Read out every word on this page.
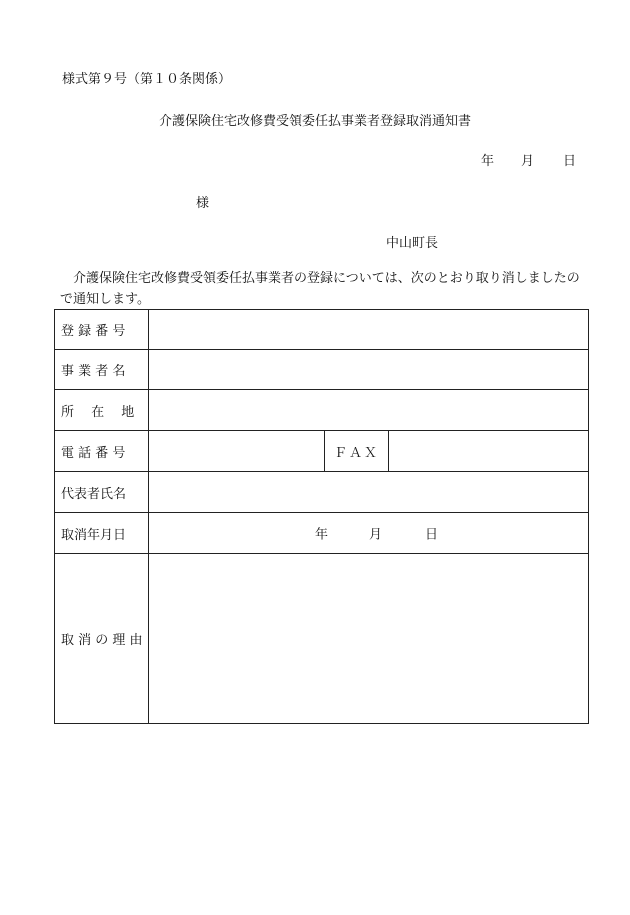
様式第９号（第１０条関係）
介護保険住宅改修費受領委任払事業者登録取消通知書
年 月 日
様
中山町長
介護保険住宅改修費受領委任払事業者の登録については、次のとおり取り消しましたので通知します。
登 録 番 号			
事 業 者 名			
所　 在　 地			
電 話 番 号		ＦＡＸ	
代表者氏名			
取消年月日	年 月 日		

取 消 の 理 由			
